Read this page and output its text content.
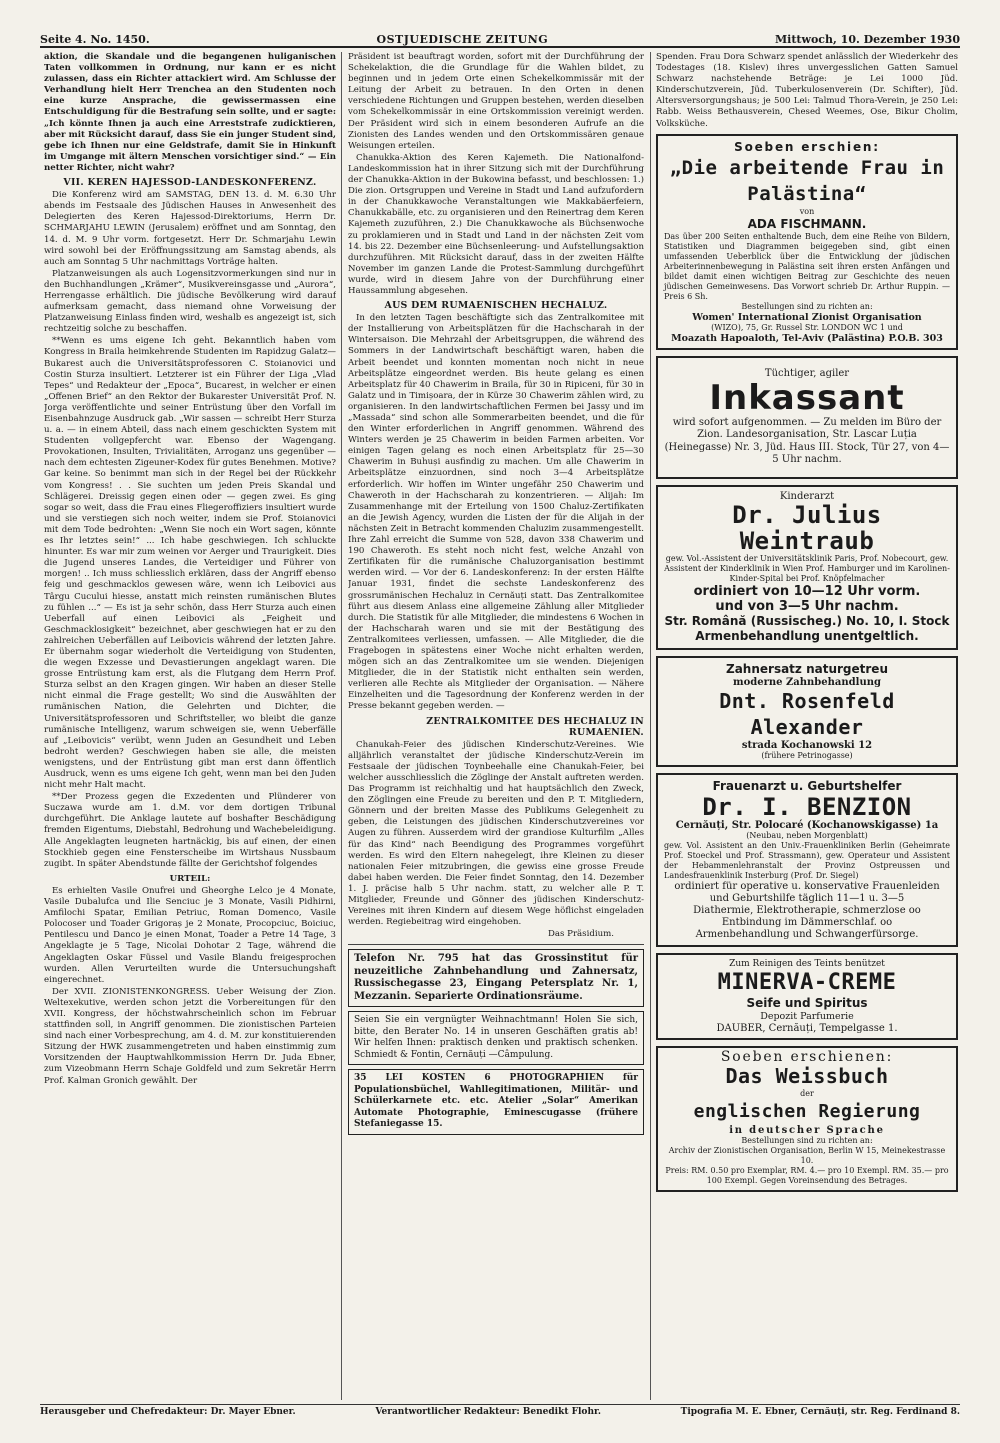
Seite 4. No. 1450.	OSTJUEDISCHE ZEITUNG	Mittwoch, 10. Dezember 1930

aktion, die Skandale und die begangenen huliganischen Taten vollkommen in Ordnung, nur kann er es nicht zulassen, dass ein Richter attackiert wird. Am Schlusse der Verhandlung hielt Herr Trenchea an den Studenten noch eine kurze Ansprache, die gewissermassen eine Entschuldigung für die Bestrafung sein sollte, und er sagte: „Ich könnte Ihnen ja auch eine Arreststrafe zudicktieren, aber mit Rücksicht darauf, dass Sie ein junger Student sind, gebe ich Ihnen nur eine Geldstrafe, damit Sie in Hinkunft im Umgange mit ältern Menschen vorsichtiger sind.“ — Ein netter Richter, nicht wahr?

VII. KEREN HAJESSOD-LANDESKONFERENZ.

Die Konferenz wird am SAMSTAG, DEN 13. d. M. 6.30 Uhr abends im Festsaale des Jüdischen Hauses in Anwesenheit des Delegierten des Keren Hajessod-Direktoriums, Herrn Dr. SCHMARJAHU LEWIN (Jerusalem) eröffnet und am Sonntag, den 14. d. M. 9 Uhr vorm. fortgesetzt. Herr Dr. Schmarjahu Lewin wird sowohl bei der Eröffnungssitzung am Samstag abends, als auch am Sonntag 5 Uhr nachmittags Vorträge halten.

Platzanweisungen als auch Logensitzvormerkungen sind nur in den Buchhandlungen „Krämer“, Musikvereinsgasse und „Aurora“, Herrengasse erhältlich. Die jüdische Bevölkerung wird darauf aufmerksam gemacht, dass niemand ohne Vorweisung der Platzanweisung Einlass finden wird, weshalb es angezeigt ist, sich rechtzeitig solche zu beschaffen.

**Wenn es ums eigene Ich geht. Bekanntlich haben vom Kongress in Braila heimkehrende Studenten im Rapidzug Galatz—Bukarest auch die Universitätsprofessoren C. Stoianovici und Costin Sturza insultiert. Letzterer ist ein Führer der Liga „Vlad Tepes“ und Redakteur der „Epoca“, Bucarest, in welcher er einen „Offenen Brief“ an den Rektor der Bukarester Universität Prof. N. Jorga veröffentlichte und seiner Entrüstung über den Vorfall im Eisenbahnzuge Ausdruck gab. „Wir sassen — schreibt Herr Sturza u. a. — in einem Abteil, dass nach einem geschickten System mit Studenten vollgepfercht war. Ebenso der Wagengang. Provokationen, Insulten, Trivialitäten, Arroganz uns gegenüber —nach dem echtesten Zigeuner-Kodex für gutes Benehmen. Motive? Gar keine. So benimmt man sich in der Regel bei der Rückkehr vom Kongress! . . Sie suchten um jeden Preis Skandal und Schlägerei. Dreissig gegen einen oder — gegen zwei. Es ging sogar so weit, dass die Frau eines Fliegeroffiziers insultiert wurde und sie verstiegen sich noch weiter, indem sie Prof. Stoianovici mit dem Tode bedrohten: „Wenn Sie noch ein Wort sagen, könnte es Ihr letztes sein!“ ... Ich habe geschwiegen. Ich schluckte hinunter. Es war mir zum weinen vor Aerger und Traurigkeit. Dies die Jugend unseres Landes, die Verteidiger und Führer von morgen! .. Ich muss schliesslich erklären, dass der Angriff ebenso feig und geschmacklos gewesen wäre, wenn ich Leibovici aus Târgu Cucului hiesse, anstatt mich reinsten rumänischen Blutes zu fühlen ...“ — Es ist ja sehr schön, dass Herr Sturza auch einen Ueberfall auf einen Leibovici als „Feigheit und Geschmacklosigkeit“ bezeichnet, aber geschwiegen hat er zu den zahlreichen Ueberfällen auf Leibovicis während der letzten Jahre. Er übernahm sogar wiederholt die Verteidigung von Studenten, die wegen Exzesse und Devastierungen angeklagt waren. Die grosse Entrüstung kam erst, als die Flutgang dem Herrn Prof. Sturza selbst an den Kragen gingen. Wir haben an dieser Stelle nicht einmal die Frage gestellt; Wo sind die Auswählten der rumänischen Nation, die Gelehrten und Dichter, die Universitätsprofessoren und Schriftsteller, wo bleibt die ganze rumänische Intelligenz, warum schweigen sie, wenn Ueberfälle auf „Leibovicis“ verübt, wenn Juden an Gesundheit und Leben bedroht werden? Geschwiegen haben sie alle, die meisten wenigstens, und der Entrüstung gibt man erst dann öffentlich Ausdruck, wenn es ums eigene Ich geht, wenn man bei den Juden nicht mehr Halt macht.

**Der Prozess gegen die Exzedenten und Plünderer von Suczawa wurde am 1. d.M. vor dem dortigen Tribunal durchgeführt. Die Anklage lautete auf boshafter Beschädigung fremden Eigentums, Diebstahl, Bedrohung und Wachebeleidigung. Alle Angeklagten leugneten hartnäckig, bis auf einen, der einen Stockhieb gegen eine Fensterscheibe im Wirtshaus Nussbaum zugibt. In später Abendstunde fällte der Gerichtshof folgendes

URTEIL:

Es erhielten Vasile Onufrei und Gheorghe Lelco je 4 Monate, Vasile Dubalufca und Ilie Senciuc je 3 Monate, Vasili Pidhirni, Amfilochi Spatar, Emilian Petriuc, Roman Domenco, Vasile Polocoser und Toader Grigoraș je 2 Monate, Procopciuc, Boiciuc, Pentilescu und Danco je einen Monat, Toader a Petre 14 Tage, 3 Angeklagte je 5 Tage, Nicolai Dohotar 2 Tage, während die Angeklagten Oskar Füssel und Vasile Blandu freigesprochen wurden. Allen Verurteilten wurde die Untersuchungshaft eingerechnet.

Der XVII. ZIONISTENKONGRESS. Ueber Weisung der Zion. Weltexekutive, werden schon jetzt die Vorbereitungen für den XVII. Kongress, der höchstwahrscheinlich schon im Februar stattfinden soll, in Angriff genommen. Die zionistischen Parteien sind nach einer Vorbesprechung, am 4. d. M. zur konstituierenden Sitzung der HWK zusammengetreten und haben einstimmig zum Vorsitzenden der Hauptwahlkommission Herrn Dr. Juda Ebner, zum Vizeobmann Herrn Schaje Goldfeld und zum Sekretär Herrn Prof. Kalman Gronich gewählt. Der

Präsident ist beauftragt worden, sofort mit der Durchführung der Schekelaktion, die die Grundlage für die Wahlen bildet, zu beginnen und in jedem Orte einen Schekelkommissär mit der Leitung der Arbeit zu betrauen. In den Orten in denen verschiedene Richtungen und Gruppen bestehen, werden dieselben vom Schekelkommissär in eine Ortskommission vereinigt werden. Der Präsident wird sich in einem besonderen Aufrufe an die Zionisten des Landes wenden und den Ortskommissären genaue Weisungen erteilen.

Chanukka-Aktion des Keren Kajemeth. Die Nationalfond-Landeskommission hat in ihrer Sitzung sich mit der Durchführung der Chanukka-Aktion in der Bukowina befasst, und beschlossen: 1.) Die zion. Ortsgruppen und Vereine in Stadt und Land aufzufordern in der Chanukkawoche Veranstaltungen wie Makkabäerfeiern, Chanukkabälle, etc. zu organisieren und den Reinertrag dem Keren Kajemeth zuzuführen, 2.) Die Chanukkawoche als Büchsenwoche zu proklamieren und in Stadt und Land in der nächsten Zeit vom 14. bis 22. Dezember eine Büchsenleerung- und Aufstellungsaktion durchzuführen. Mit Rücksicht darauf, dass in der zweiten Hälfte November im ganzen Lande die Protest-Sammlung durchgeführt wurde, wird in diesem Jahre von der Durchführung einer Haussammlung abgesehen.

AUS DEM RUMAENISCHEN HECHALUZ.

In den letzten Tagen beschäftigte sich das Zentralkomitee mit der Installierung von Arbeitsplätzen für die Hachscharah in der Wintersaison. Die Mehrzahl der Arbeitsgruppen, die während des Sommers in der Landwirtschaft beschäftigt waren, haben die Arbeit beendet und konnten momentan noch nicht in neue Arbeitsplätze eingeordnet werden. Bis heute gelang es einen Arbeitsplatz für 40 Chawerim in Braila, für 30 in Ripiceni, für 30 in Galatz und in Timișoara, der in Kürze 30 Chawerim zählen wird, zu organisieren. In den landwirtschaftlichen Fermen bei Jassy und im „Massada“ sind schon alle Sommerarbeiten beendet, und die für den Winter erforderlichen in Angriff genommen. Während des Winters werden je 25 Chawerim in beiden Farmen arbeiten. Vor einigen Tagen gelang es noch einen Arbeitsplatz für 25—30 Chawerim in Buhuși ausfindig zu machen. Um alle Chawerim in Arbeitsplätze einzuordnen, sind noch 3—4 Arbeitsplätze erforderlich. Wir hoffen im Winter ungefähr 250 Chawerim und Chaweroth in der Hachscharah zu konzentrieren. — Alijah: Im Zusammenhange mit der Erteilung von 1500 Chaluz-Zertifikaten an die Jewish Agency, wurden die Listen der für die Alijah in der nächsten Zeit in Betracht kommenden Chaluzim zusammengestellt. Ihre Zahl erreicht die Summe von 528, davon 338 Chawerim und 190 Chaweroth. Es steht noch nicht fest, welche Anzahl von Zertifikaten für die rumänische Chaluzorganisation bestimmt werden wird. — Vor der 6. Landeskonferenz: In der ersten Hälfte Januar 1931, findet die sechste Landeskonferenz des grossrumänischen Hechaluz in Cernăuți statt. Das Zentralkomitee führt aus diesem Anlass eine allgemeine Zählung aller Mitglieder durch. Die Statistik für alle Mitglieder, die mindestens 6 Wochen in der Hachscharah waren und sie mit der Bestätigung des Zentralkomitees verliessen, umfassen. — Alle Mitglieder, die die Fragebogen in spätestens einer Woche nicht erhalten werden, mögen sich an das Zentralkomitee um sie wenden. Diejenigen Mitglieder, die in der Statistik nicht enthalten sein werden, verlieren alle Rechte als Mitglieder der Organisation. — Nähere Einzelheiten und die Tagesordnung der Konferenz werden in der Presse bekannt gegeben werden. —

ZENTRALKOMITEE DES HECHALUZ IN RUMAENIEN.

Chanukah-Feier des jüdischen Kinderschutz-Vereines. Wie alljährlich veranstaltet der jüdische Kinderschutz-Verein im Festsaale der jüdischen Toynbeehalle eine Chanukah-Feier, bei welcher ausschliesslich die Zöglinge der Anstalt auftreten werden. Das Programm ist reichhaltig und hat hauptsächlich den Zweck, den Zöglingen eine Freude zu bereiten und den P. T. Mitgliedern, Gönnern und der breiten Masse des Publikums Gelegenheit zu geben, die Leistungen des jüdischen Kinderschutzvereines vor Augen zu führen. Ausserdem wird der grandiose Kulturfilm „Alles für das Kind“ nach Beendigung des Programmes vorgeführt werden. Es wird den Eltern nahegelegt, ihre Kleinen zu dieser nationalen Feier mitzubringen, die gewiss eine grosse Freude dabei haben werden. Die Feier findet Sonntag, den 14. Dezember 1. J. präcise halb 5 Uhr nachm. statt, zu welcher alle P. T. Mitglieder, Freunde und Gönner des jüdischen Kinderschutz-Vereines mit ihren Kindern auf diesem Wege höflichst eingeladen werden. Regiebeitrag wird eingehoben.

Das Präsidium.
Telefon Nr. 795 hat das Grossinstitut für neuzeitliche Zahnbehandlung und Zahnersatz, Russischegasse 23, Eingang Petersplatz Nr. 1, Mezzanin. Separierte Ordinationsräume.
Seien Sie ein vergnügter Weihnachtmann! Holen Sie sich, bitte, den Berater No. 14 in unseren Geschäften gratis ab! Wir helfen Ihnen: praktisch denken und praktisch schenken. Schmiedt & Fontin, Cernăuți —Câmpulung.
35 LEI KOSTEN 6 PHOTOGRAPHIEN für Populationsbüchel, Wahllegitimationen, Militär- und Schülerkarnete etc. etc. Atelier „Solar“ Amerikan Automate Photographie, Eminescugasse (frühere Stefaniegasse 15.

Spenden. Frau Dora Schwarz spendet anlässlich der Wiederkehr des Todestages (18. Kislev) ihres unvergesslichen Gatten Samuel Schwarz nachstehende Beträge: je Lei 1000 Jüd. Kinderschutzverein, Jüd. Tuberkulosenverein (Dr. Schifter), Jüd. Altersversorgungshaus; je 500 Lei: Talmud Thora-Verein, je 250 Lei: Rabb. Weiss Bethausverein, Chesed Weemes, Ose, Bikur Cholim, Volksküche.

Soeben erschien:

„Die arbeitende Frau in Palästina“

von

ADA FISCHMANN.

Das über 200 Seiten enthaltende Buch, dem eine Reihe von Bildern, Statistiken und Diagrammen beigegeben sind, gibt einen umfassenden Ueberblick über die Entwicklung der jüdischen Arbeiterinnenbewegung in Palästina seit ihren ersten Anfängen und bildet damit einen wichtigen Beitrag zur Geschichte des neuen jüdischen Gemeinwesens. Das Vorwort schrieb Dr. Arthur Ruppin. — Preis 6 Sh.

Bestellungen sind zu richten an:

Women' International Zionist Organisation

(WIZO), 75, Gr. Russel Str. LONDON WC 1 und

Moazath Hapoaloth, Tel-Aviv (Palästina) P.O.B. 303

Tüchtiger, agiler

Inkassant

wird sofort aufgenommen. — Zu melden im Büro der Zion. Landesorganisation, Str. Lascar Luția (Heinegasse) Nr. 3, Jüd. Haus III. Stock, Tür 27, von 4—5 Uhr nachm.

Kinderarzt

Dr. Julius Weintraub

gew. Vol.-Assistent der Universitätsklinik Paris, Prof. Nobecourt, gew. Assistent der Kinderklinik in Wien Prof. Hamburger und im Karolinen-Kinder-Spital bei Prof. Knöpfelmacher

ordiniert von 10—12 Uhr vorm.

und von 3—5 Uhr nachm.

Str. Română (Russischeg.) No. 10, I. Stock

Armenbehandlung unentgeltlich.

Zahnersatz naturgetreu

moderne Zahnbehandlung

Dnt. Rosenfeld Alexander

strada Kochanowski 12

(frühere Petrinogasse)

Frauenarzt u. Geburtshelfer

Dr. I. BENZION

Cernăuți, Str. Polocaré (Kochanowskigasse) 1a

(Neubau, neben Morgenblatt)

gew. Vol. Assistent an den Univ.-Frauenkliniken Berlin (Geheimrate Prof. Stoeckel und Prof. Strassmann), gew. Operateur und Assistent der Hebammenlehranstalt der Provinz Ostpreussen und Landesfrauenklinik Insterburg (Prof. Dr. Siegel)

ordiniert für operative u. konservative Frauenleiden und Geburtshilfe täglich 11—1 u. 3—5

Diathermie, Elektrotherapie, schmerzlose oo Entbindung im Dämmerschlaf. oo

Armenbehandlung und Schwangerfürsorge.

Zum Reinigen des Teints benützet

MINERVA-CREME

Seife und Spiritus

Depozit Parfumerie

DAUBER, Cernăuți, Tempelgasse 1.

Soeben erschienen:

Das Weissbuch

der

englischen Regierung

in deutscher Sprache

Bestellungen sind zu richten an:

Archiv der Zionistischen Organisation, Berlin W 15, Meinekestrasse 10.

Preis: RM. 0.50 pro Exemplar, RM. 4.— pro 10 Exempl. RM. 35.— pro 100 Exempl. Gegen Voreinsendung des Betrages.

Herausgeber und Chefredakteur: Dr. Mayer Ebner.	Verantwortlicher Redakteur: Benedikt Flohr.	Tipografia M. E. Ebner, Cernăuți, str. Reg. Ferdinand 8.
